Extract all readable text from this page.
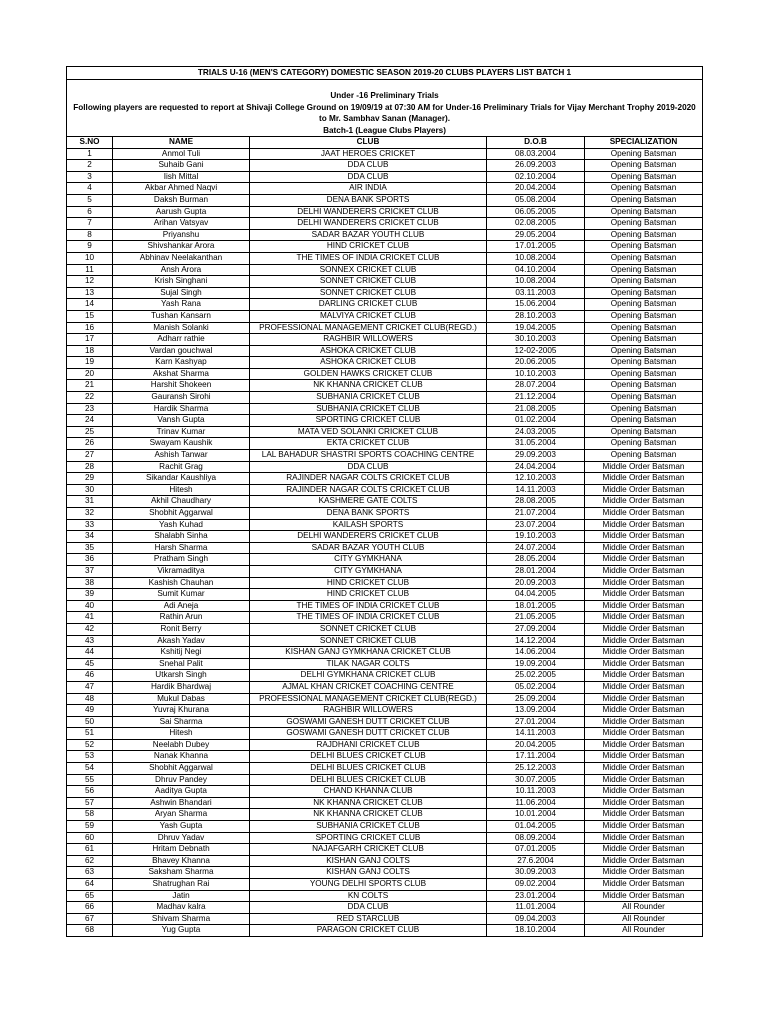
TRIALS U-16 (MEN'S CATEGORY) DOMESTIC SEASON 2019-20 CLUBS PLAYERS LIST BATCH 1				

Under -16 Preliminary Trials				
Following players are requested to report at Shivaji College Ground on 19/09/19 at 07:30 AM for Under-16 Preliminary Trials for Vijay Merchant Trophy 2019-2020 to Mr. Sambhav Sanan (Manager).				
Batch-1 (League Clubs Players)				
S.NO	NAME	CLUB	D.O.B	SPECIALIZATION
1	Anmol Tuli	JAAT HEROES CRICKET	08.03.2004	Opening Batsman
2	Suhaib Gani	DDA CLUB	26.09.2003	Opening Batsman
3	Iish Mittal	DDA CLUB	02.10.2004	Opening Batsman
4	Akbar Ahmed Naqvi	AIR INDIA	20.04.2004	Opening Batsman
5	Daksh Burman	DENA BANK SPORTS	05.08.2004	Opening Batsman
6	Aarush Gupta	DELHI WANDERERS CRICKET CLUB	06.05.2005	Opening Batsman
7	Arihan Vatsyav	DELHI WANDERERS CRICKET CLUB	02.08.2005	Opening Batsman
8	Priyanshu	SADAR BAZAR YOUTH CLUB	29.05.2004	Opening Batsman
9	Shivshankar Arora	HIND CRICKET CLUB	17.01.2005	Opening Batsman
10	Abhinav Neelakanthan	THE TIMES OF INDIA CRICKET CLUB	10.08.2004	Opening Batsman
11	Ansh Arora	SONNEX CRICKET CLUB	04.10.2004	Opening Batsman
12	Krish Singhani	SONNET CRICKET CLUB	10.08.2004	Opening Batsman
13	Sujal Singh	SONNET CRICKET CLUB	03.11.2003	Opening Batsman
14	Yash Rana	DARLING CRICKET CLUB	15.06.2004	Opening Batsman
15	Tushan Kansarn	MALVIYA CRICKET CLUB	28.10.2003	Opening Batsman
16	Manish Solanki	PROFESSIONAL MANAGEMENT CRICKET CLUB(REGD.)	19.04.2005	Opening Batsman
17	Adharr rathie	RAGHBIR WILLOWERS	30.10.2003	Opening Batsman
18	Vardan gouchwal	ASHOKA CRICKET CLUB	12-02-2005	Opening Batsman
19	Karn Kashyap	ASHOKA CRICKET CLUB	20.06.2005	Opening Batsman
20	Akshat Sharma	GOLDEN HAWKS CRICKET CLUB	10.10.2003	Opening Batsman
21	Harshit Shokeen	NK KHANNA CRICKET CLUB	28.07.2004	Opening Batsman
22	Gauransh Sirohi	SUBHANIA CRICKET CLUB	21.12.2004	Opening Batsman
23	Hardik Sharma	SUBHANIA CRICKET CLUB	21.08.2005	Opening Batsman
24	Vansh Gupta	SPORTING CRICKET CLUB	01.02.2004	Opening Batsman
25	Trinav Kumar	MATA VED SOLANKI CRICKET CLUB	24.03.2005	Opening Batsman
26	Swayam Kaushik	EKTA CRICKET CLUB	31.05.2004	Opening Batsman
27	Ashish Tanwar	LAL BAHADUR SHASTRI SPORTS COACHING CENTRE	29.09.2003	Opening Batsman
28	Rachit Grag	DDA CLUB	24.04.2004	Middle Order Batsman
29	Sikandar Kaushliya	RAJINDER NAGAR COLTS CRICKET CLUB	12.10.2003	Middle Order Batsman
30	Hitesh	RAJINDER NAGAR COLTS CRICKET CLUB	14.11.2003	Middle Order Batsman
31	Akhil Chaudhary	KASHMERE GATE COLTS	28.08.2005	Middle Order Batsman
32	Shobhit Aggarwal	DENA BANK SPORTS	21.07.2004	Middle Order Batsman
33	Yash Kuhad	KAILASH SPORTS	23.07.2004	Middle Order Batsman
34	Shalabh Sinha	DELHI WANDERERS CRICKET CLUB	19.10.2003	Middle Order Batsman
35	Harsh Sharma	SADAR BAZAR YOUTH CLUB	24.07.2004	Middle Order Batsman
36	Pratham Singh	CITY GYMKHANA	28.05.2004	Middle Order Batsman
37	Vikramaditya	CITY GYMKHANA	28.01.2004	Middle Order Batsman
38	Kashish Chauhan	HIND CRICKET CLUB	20.09.2003	Middle Order Batsman
39	Sumit Kumar	HIND CRICKET CLUB	04.04.2005	Middle Order Batsman
40	Adi Aneja	THE TIMES OF INDIA CRICKET CLUB	18.01.2005	Middle Order Batsman
41	Rathin Arun	THE TIMES OF INDIA CRICKET CLUB	21.05.2005	Middle Order Batsman
42	Ronit Berry	SONNET CRICKET CLUB	27.09.2004	Middle Order Batsman
43	Akash Yadav	SONNET CRICKET CLUB	14.12.2004	Middle Order Batsman
44	Kshitij Negi	KISHAN GANJ GYMKHANA CRICKET CLUB	14.06.2004	Middle Order Batsman
45	Snehal Palit	TILAK NAGAR COLTS	19.09.2004	Middle Order Batsman
46	Utkarsh Singh	DELHI GYMKHANA CRICKET CLUB	25.02.2005	Middle Order Batsman
47	Hardik Bhardwaj	AJMAL KHAN CRICKET COACHING CENTRE	05.02.2004	Middle Order Batsman
48	Mukul Dabas	PROFESSIONAL MANAGEMENT CRICKET CLUB(REGD.)	25.09.2004	Middle Order Batsman
49	Yuvraj Khurana	RAGHBIR WILLOWERS	13.09.2004	Middle Order Batsman
50	Sai Sharma	GOSWAMI GANESH DUTT CRICKET CLUB	27.01.2004	Middle Order Batsman
51	Hitesh	GOSWAMI GANESH DUTT CRICKET CLUB	14.11.2003	Middle Order Batsman
52	Neelabh Dubey	RAJDHANI CRICKET CLUB	20.04.2005	Middle Order Batsman
53	Nanak Khanna	DELHI BLUES CRICKET CLUB	17.11.2004	Middle Order Batsman
54	Shobhit Aggarwal	DELHI BLUES CRICKET CLUB	25.12.2003	Middle Order Batsman
55	Dhruv Pandey	DELHI BLUES CRICKET CLUB	30.07.2005	Middle Order Batsman
56	Aaditya Gupta	CHAND KHANNA CLUB	10.11.2003	Middle Order Batsman
57	Ashwin Bhandari	NK KHANNA CRICKET CLUB	11.06.2004	Middle Order Batsman
58	Aryan Sharma	NK KHANNA CRICKET CLUB	10.01.2004	Middle Order Batsman
59	Yash Gupta	SUBHANIA CRICKET CLUB	01.04.2005	Middle Order Batsman
60	Dhruv Yadav	SPORTING CRICKET CLUB	08.09.2004	Middle Order Batsman
61	Hritam Debnath	NAJAFGARH CRICKET CLUB	07.01.2005	Middle Order Batsman
62	Bhavey Khanna	KISHAN GANJ COLTS	27.6.2004	Middle Order Batsman
63	Saksham Sharma	KISHAN GANJ COLTS	30.09.2003	Middle Order Batsman
64	Shatrughan Rai	YOUNG DELHI SPORTS CLUB	09.02.2004	Middle Order Batsman
65	Jatin	KN COLTS	23.01.2004	Middle Order Batsman
66	Madhav kalra	DDA CLUB	11.01.2004	All Rounder
67	Shivam Sharma	RED STARCLUB	09.04.2003	All Rounder
68	Yug Gupta	PARAGON CRICKET CLUB	18.10.2004	All Rounder
